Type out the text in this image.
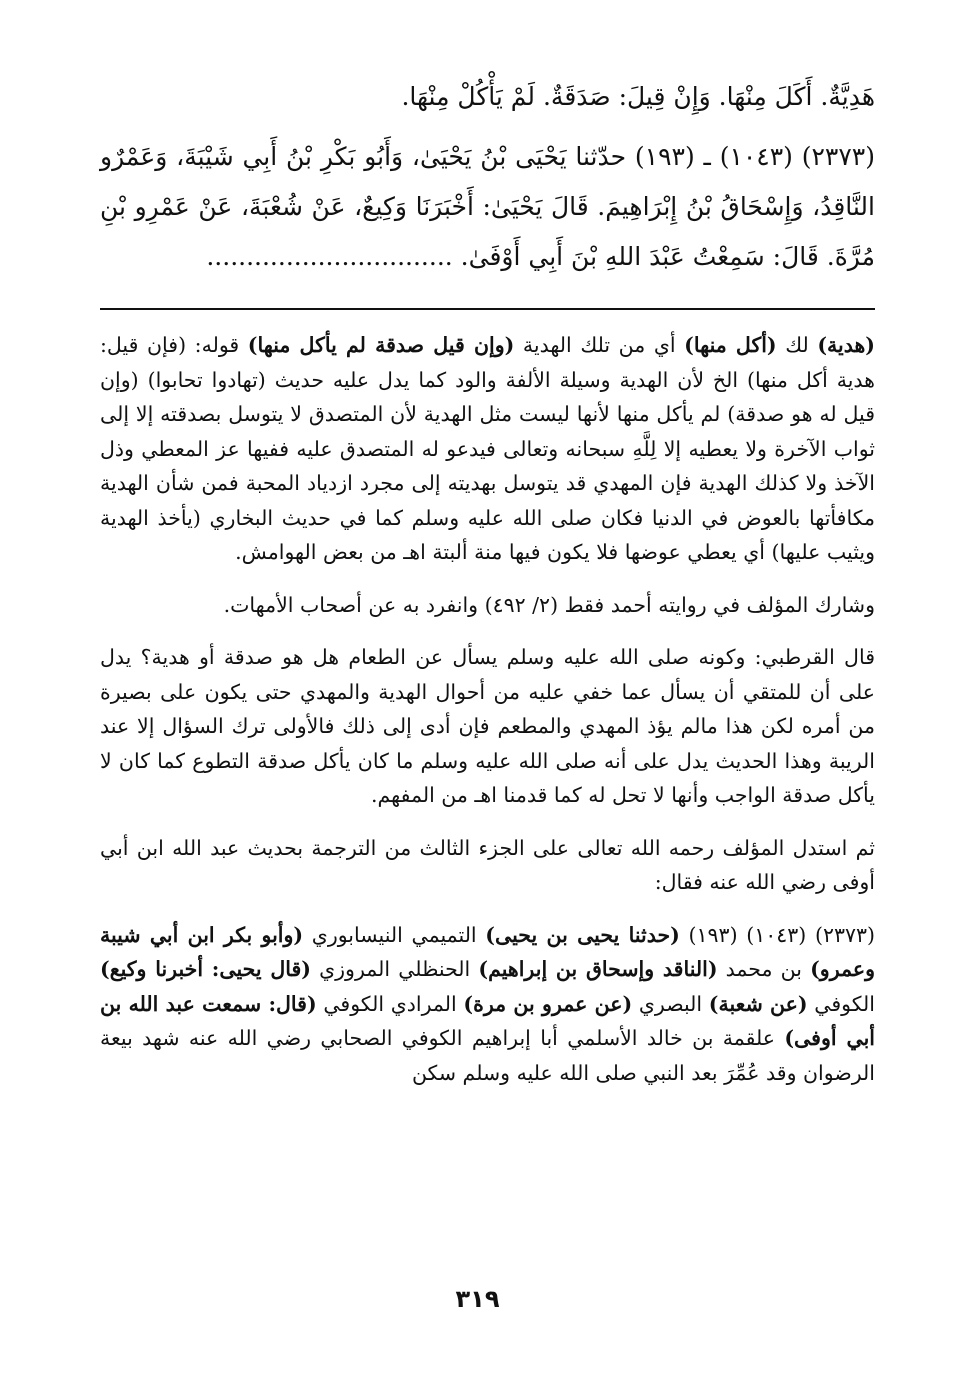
هَدِيَّةٌ. أَكَلَ مِنْهَا. وَإِنْ قِيلَ: صَدَقَةٌ. لَمْ يَأْكُلْ مِنْهَا.

(٢٣٧٣) (١٠٤٣) ـ (١٩٣) حدّثنا يَحْيَى بْنُ يَحْيَىٰ، وَأَبُو بَكْرِ بْنُ أَبِي شَيْبَةَ، وَعَمْرٌو النَّاقِدُ، وَإِسْحَاقُ بْنُ إِبْرَاهِيمَ. قَالَ يَحْيَىٰ: أَخْبَرَنَا وَكِيعٌ، عَنْ شُعْبَةَ، عَنْ عَمْرِو بْنِ مُرَّةَ. قَالَ: سَمِعْتُ عَبْدَ اللهِ بْنَ أَبِي أَوْفَىٰ. ...............................

(هدية) لك (أكل منها) أي من تلك الهدية (وإن قيل صدقة لم يأكل منها) قوله: (فإن قيل: هدية أكل منها) الخ لأن الهدية وسيلة الألفة والود كما يدل عليه حديث (تهادوا تحابوا) (وإن قيل له هو صدقة) لم يأكل منها لأنها ليست مثل الهدية لأن المتصدق لا يتوسل بصدقته إلا إلى ثواب الآخرة ولا يعطيه إلا لِلَّهِ سبحانه وتعالى فيدعو له المتصدق عليه ففيها عز المعطي وذل الآخذ ولا كذلك الهدية فإن المهدي قد يتوسل بهديته إلى مجرد ازدياد المحبة فمن شأن الهدية مكافأتها بالعوض في الدنيا فكان صلى الله عليه وسلم كما في حديث البخاري (يأخذ الهدية ويثيب عليها) أي يعطي عوضها فلا يكون فيها منة ألبتة اهـ من بعض الهوامش.

وشارك المؤلف في روايته أحمد فقط (٢/ ٤٩٢) وانفرد به عن أصحاب الأمهات.

قال القرطبي: وكونه صلى الله عليه وسلم يسأل عن الطعام هل هو صدقة أو هدية؟ يدل على أن للمتقي أن يسأل عما خفي عليه من أحوال الهدية والمهدي حتى يكون على بصيرة من أمره لكن هذا مالم يؤذ المهدي والمطعم فإن أدى إلى ذلك فالأولى ترك السؤال إلا عند الريبة وهذا الحديث يدل على أنه صلى الله عليه وسلم ما كان يأكل صدقة التطوع كما كان لا يأكل صدقة الواجب وأنها لا تحل له كما قدمنا اهـ من المفهم.

ثم استدل المؤلف رحمه الله تعالى على الجزء الثالث من الترجمة بحديث عبد الله ابن أبي أوفى رضي الله عنه فقال:

(٢٣٧٣) (١٠٤٣) (١٩٣) (حدثنا يحيى بن يحيى) التميمي النيسابوري (وأبو بكر ابن أبي شيبة وعمرو) بن محمد (الناقد وإسحاق بن إبراهيم) الحنظلي المروزي (قال يحيى: أخبرنا وكيع) الكوفي (عن شعبة) البصري (عن عمرو بن مرة) المرادي الكوفي (قال: سمعت عبد الله بن أبي أوفى) علقمة بن خالد الأسلمي أبا إبراهيم الكوفي الصحابي رضي الله عنه شهد بيعة الرضوان وقد عُمِّرَ بعد النبي صلى الله عليه وسلم سكن

٣١٩
